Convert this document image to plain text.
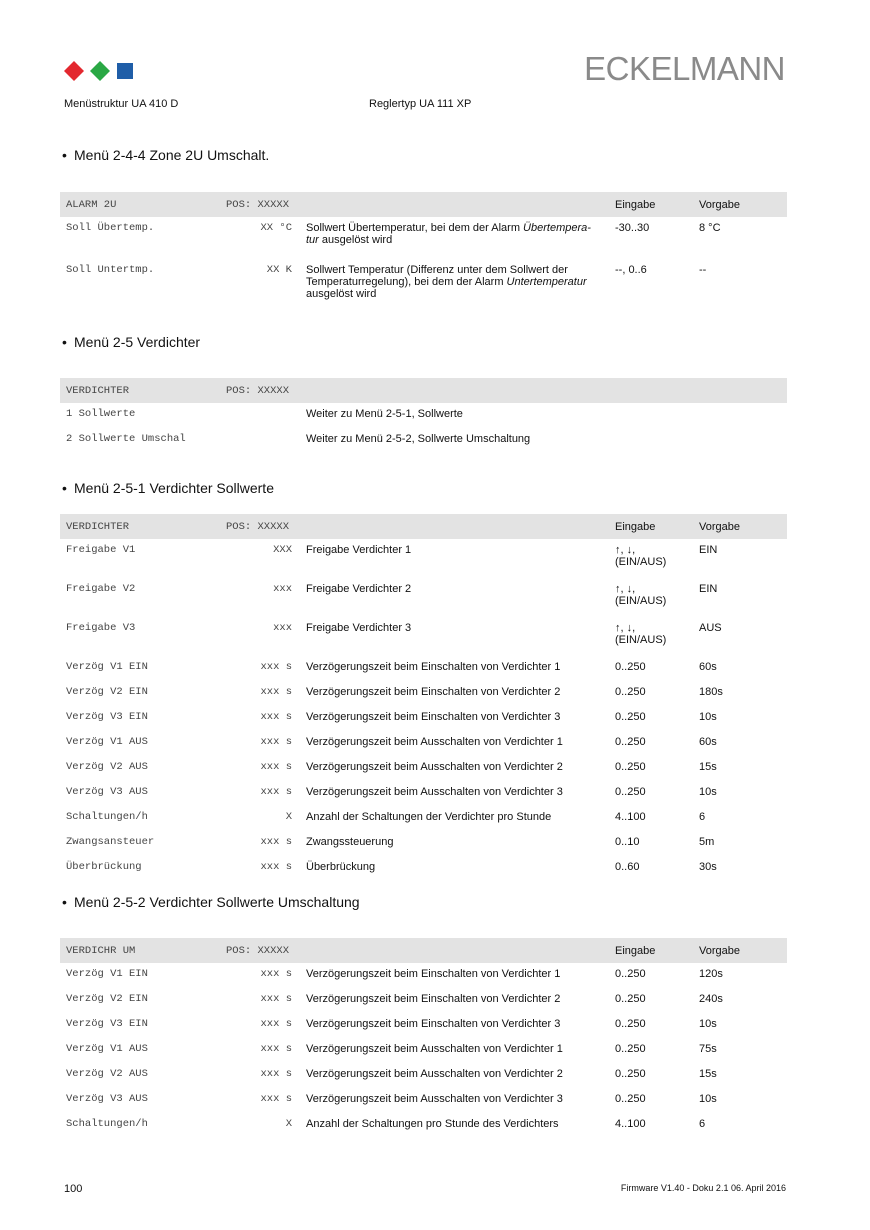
ECKELMANN
Menüstruktur UA 410 D	Reglertyp UA 111 XP
• Menü 2-4-4 Zone 2U Umschalt.
ALARM 2U	POS: XXXXX		Eingabe	Vorgabe
Soll Übertemp.	XX °C	Sollwert Übertemperatur, bei dem der Alarm Übertempera-tur ausgelöst wird	-30..30	8 °C
Soll Untertmp.	XX K	Sollwert Temperatur (Differenz unter dem Sollwert der Temperaturregelung), bei dem der Alarm Untertemperatur ausgelöst wird	--, 0..6	--
• Menü 2-5 Verdichter
VERDICHTER	POS: XXXXX			
1 Sollwerte		Weiter zu Menü 2-5-1, Sollwerte		
2 Sollwerte Umschal		Weiter zu Menü 2-5-2, Sollwerte Umschaltung		
• Menü 2-5-1 Verdichter Sollwerte
VERDICHTER	POS: XXXXX		Eingabe	Vorgabe
Freigabe V1	XXX	Freigabe Verdichter 1	↑, ↓,
(EIN/AUS)	EIN
Freigabe V2	xxx	Freigabe Verdichter 2	↑, ↓,
(EIN/AUS)	EIN
Freigabe V3	xxx	Freigabe Verdichter 3	↑, ↓,
(EIN/AUS)	AUS
Verzög V1 EIN	xxx s	Verzögerungszeit beim Einschalten von Verdichter 1	0..250	60s
Verzög V2 EIN	xxx s	Verzögerungszeit beim Einschalten von Verdichter 2	0..250	180s
Verzög V3 EIN	xxx s	Verzögerungszeit beim Einschalten von Verdichter 3	0..250	10s
Verzög V1 AUS	xxx s	Verzögerungszeit beim Ausschalten von Verdichter 1	0..250	60s
Verzög V2 AUS	xxx s	Verzögerungszeit beim Ausschalten von Verdichter 2	0..250	15s
Verzög V3 AUS	xxx s	Verzögerungszeit beim Ausschalten von Verdichter 3	0..250	10s
Schaltungen/h	X	Anzahl der Schaltungen der Verdichter pro Stunde	4..100	6
Zwangsansteuer	xxx s	Zwangssteuerung	0..10	5m
Überbrückung	xxx s	Überbrückung	0..60	30s
• Menü 2-5-2 Verdichter Sollwerte Umschaltung
VERDICHR UM	POS: XXXXX		Eingabe	Vorgabe
Verzög V1 EIN	xxx s	Verzögerungszeit beim Einschalten von Verdichter 1	0..250	120s
Verzög V2 EIN	xxx s	Verzögerungszeit beim Einschalten von Verdichter 2	0..250	240s
Verzög V3 EIN	xxx s	Verzögerungszeit beim Einschalten von Verdichter 3	0..250	10s
Verzög V1 AUS	xxx s	Verzögerungszeit beim Ausschalten von Verdichter 1	0..250	75s
Verzög V2 AUS	xxx s	Verzögerungszeit beim Ausschalten von Verdichter 2	0..250	15s
Verzög V3 AUS	xxx s	Verzögerungszeit beim Ausschalten von Verdichter 3	0..250	10s
Schaltungen/h	X	Anzahl der Schaltungen pro Stunde des Verdichters	4..100	6
100	Firmware V1.40 - Doku 2.1 06. April 2016
